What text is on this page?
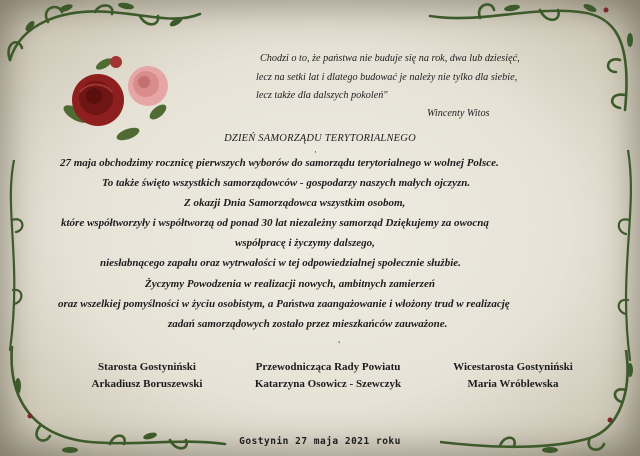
Chodzi o to, że państwa nie buduje się na rok, dwa lub dziesięć,
lecz na setki lat i dlatego budować je należy nie tylko dla siebie,
lecz także dla dalszych pokoleń"
Wincenty Witos
DZIEŃ SAMORZĄDU TERYTORIALNEGO
·
27 maja obchodzimy rocznicę pierwszych wyborów do samorządu terytorialnego w wolnej Polsce.
To także święto wszystkich samorządowców - gospodarzy naszych małych ojczyzn.
Z okazji Dnia Samorządowca wszystkim osobom,
które współtworzyły i współtworzą od ponad 30 lat niezależny samorząd Dziękujemy za owocną
współpracę i życzymy dalszego,
niesłabnącego zapału oraz wytrwałości w tej odpowiedzialnej społecznie służbie.
Życzymy Powodzenia w realizacji nowych, ambitnych zamierzeń
oraz wszelkiej pomyślności w życiu osobistym, a Państwa zaangażowanie i włożony trud w realizację
zadań samorządowych zostało przez mieszkańców zauważone.
'
Starosta Gostyniński
Arkadiusz Boruszewski
Przewodnicząca Rady Powiatu
Katarzyna Osowicz - Szewczyk
Wicestarosta Gostyniński
Maria Wróblewska
Gostynin 27 maja 2021 roku
